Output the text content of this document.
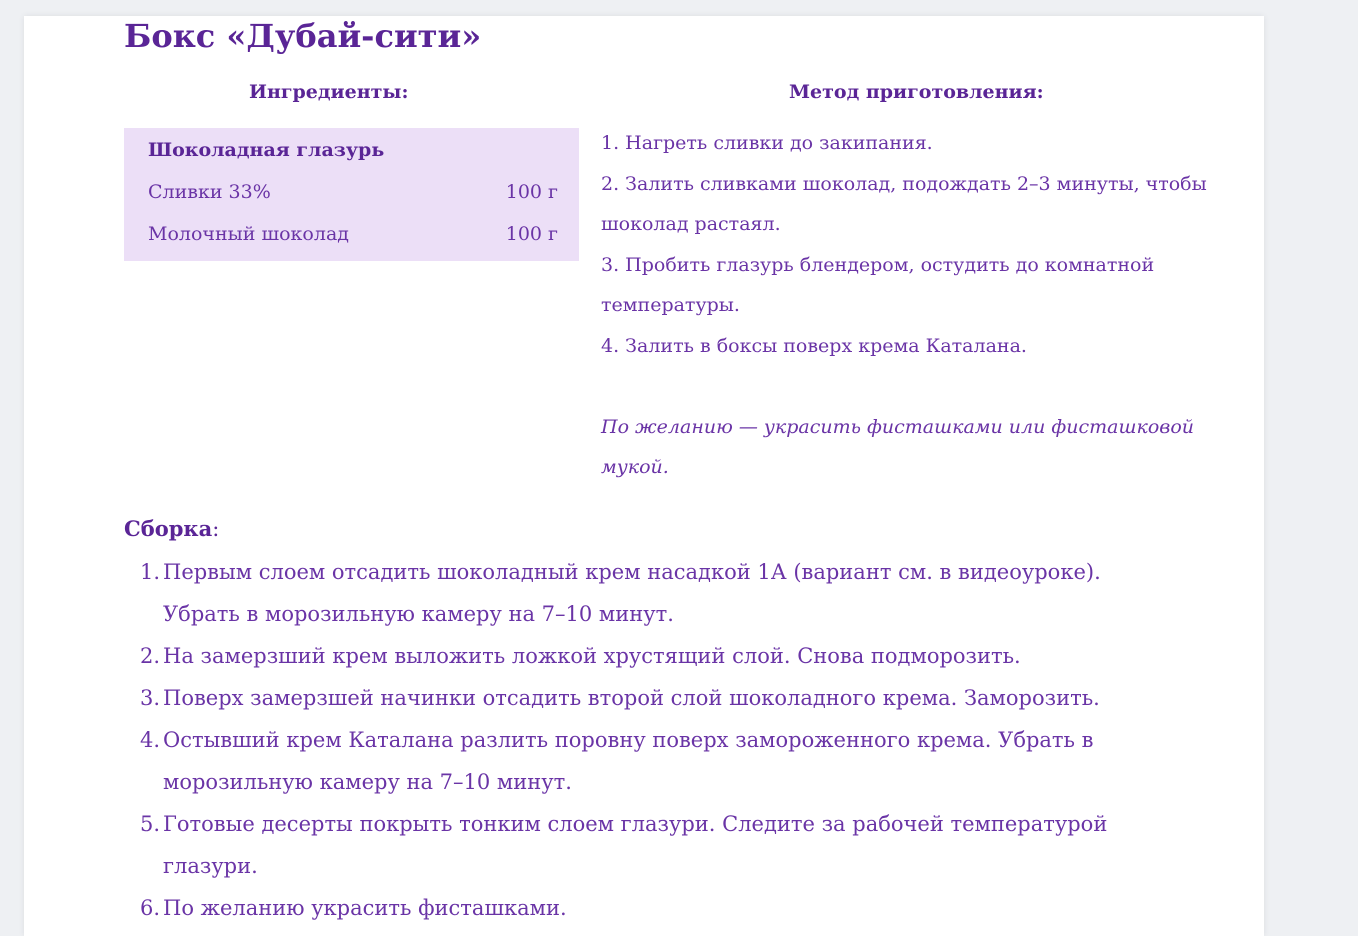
Бокс «Дубай-сити»
Ингредиенты:	Метод приготовления:
Шоколадная глазурь
Сливки 33%	100 г
Молочный шоколад	100 г

1. Нагреть сливки до закипания.

2. Залить сливками шоколад, подождать 2–3 минуты, чтобы шоколад растаял.

3. Пробить глазурь блендером, остудить до комнатной температуры.

4. Залить в боксы поверх крема Каталана.

По желанию — украсить фисташками или фисташковой мукой.

Сборка:
1. Первым слоем отсадить шоколадный крем насадкой 1А (вариант см. в видеоуроке). Убрать в морозильную камеру на 7–10 минут.
2. На замерзший крем выложить ложкой хрустящий слой. Снова подморозить.
3. Поверх замерзшей начинки отсадить второй слой шоколадного крема. Заморозить.
4. Остывший крем Каталана разлить поровну поверх замороженного крема. Убрать в морозильную камеру на 7–10 минут.
5. Готовые десерты покрыть тонким слоем глазури. Следите за рабочей температурой глазури.
6. По желанию украсить фисташками.
